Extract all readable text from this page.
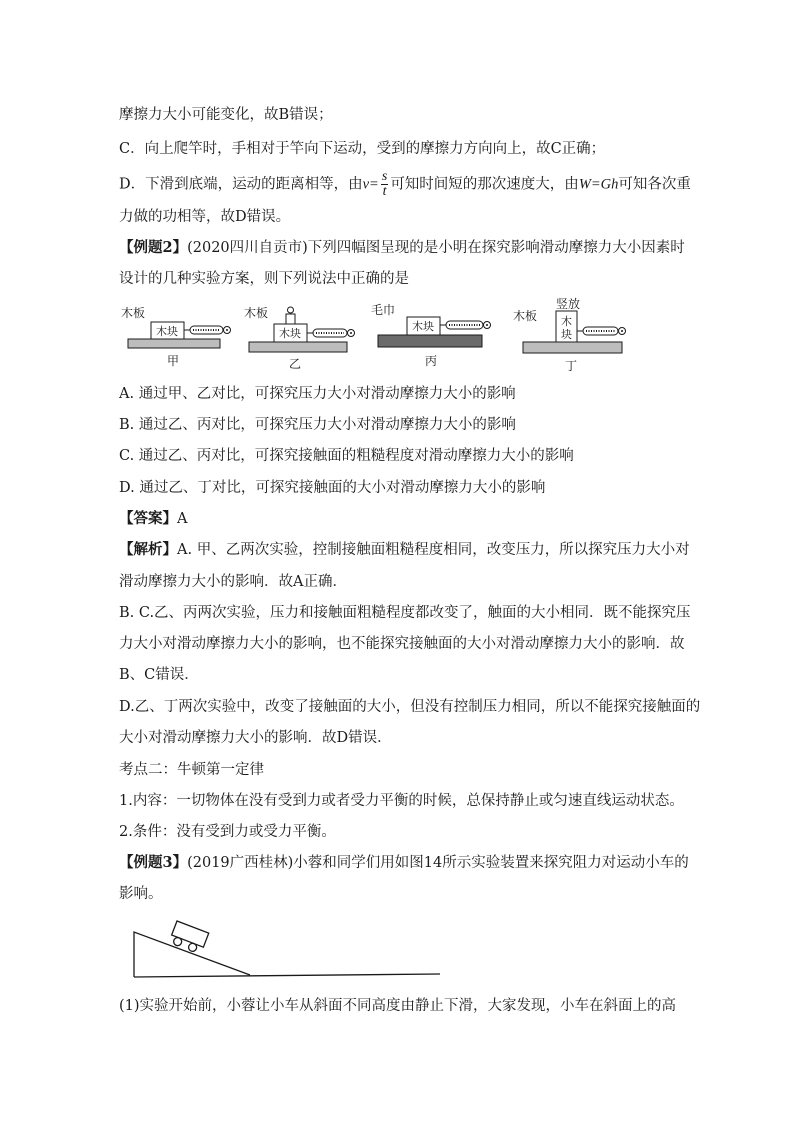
摩擦力大小可能变化，故B错误；
C．向上爬竿时，手相对于竿向下运动，受到的摩擦力方向向上，故C正确；
D．下滑到底端，运动的距离相等，由$v= \frac{s}{t}$ 可知时间短的那次速度大，由W=Gh可知各次重
力做的功相等，故D错误。
【例题2】(2020四川自贡市)下列四幅图呈现的是小明在探究影响滑动摩擦力大小因素时
设计的几种实验方案，则下列说法中正确的是
木板
木块
甲
木板
木块
乙
毛巾
木块
丙
木板
竖放
木
块
丁
A. 通过甲、乙对比，可探究压力大小对滑动摩擦力大小的影响
B. 通过乙、丙对比，可探究压力大小对滑动摩擦力大小的影响
C. 通过乙、丙对比，可探究接触面的粗糙程度对滑动摩擦力大小的影响
D. 通过乙、丁对比，可探究接触面的大小对滑动摩擦力大小的影响
【答案】A
【解析】A. 甲、乙两次实验，控制接触面粗糙程度相同，改变压力，所以探究压力大小对
滑动摩擦力大小的影响．故A正确．
B. C.乙、丙两次实验，压力和接触面粗糙程度都改变了，触面的大小相同．既不能探究压
力大小对滑动摩擦力大小的影响，也不能探究接触面的大小对滑动摩擦力大小的影响．故
B、C错误．
D.乙、丁两次实验中，改变了接触面的大小，但没有控制压力相同，所以不能探究接触面的
大小对滑动摩擦力大小的影响．故D错误．
考点二：牛顿第一定律
1.内容：一切物体在没有受到力或者受力平衡的时候，总保持静止或匀速直线运动状态。
2.条件：没有受到力或受力平衡。
【例题3】(2019广西桂林)小蓉和同学们用如图14所示实验装置来探究阻力对运动小车的
影响。
(1)实验开始前，小蓉让小车从斜面不同高度由静止下滑，大家发现，小车在斜面上的高
